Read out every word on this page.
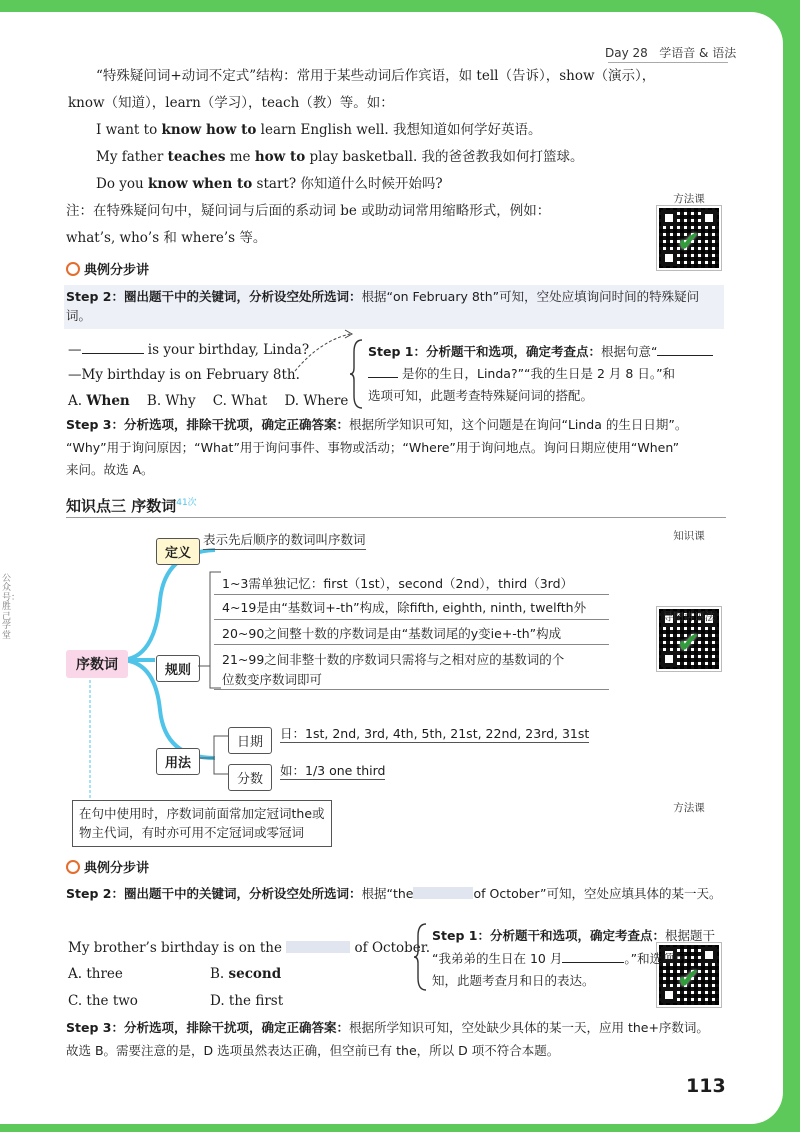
Day 28 学语音 & 语法
“特殊疑问词+动词不定式”结构：常用于某些动词后作宾语，如 tell（告诉），show（演示），
know（知道），learn（学习），teach（教）等。如：
I want to know how to learn English well. 我想知道如何学好英语。
My father teaches me how to play basketball. 我的爸爸教我如何打篮球。
Do you know when to start? 你知道什么时候开始吗?
注：在特殊疑问句中，疑问词与后面的系动词 be 或助动词常用缩略形式，例如：
what’s, who’s 和 where’s 等。
方法课
✔
典例分步讲
Step 2：圈出题干中的关键词，分析设空处所选词：根据“on February 8th”可知，空处应填询问时间的特殊疑问
词。
—	is your birthday, Linda?
—My birthday is on February 8th.
A. When B. Why C. What D. Where
Step 1：分析题干和选项，确定考查点：根据句意“
是你的生日，Linda?”“我的生日是 2 月 8 日。”和
选项可知，此题考查特殊疑问词的搭配。
Step 3：分析选项，排除干扰项，确定正确答案：根据所学知识可知，这个问题是在询问“Linda 的生日日期”。
“Why”用于询问原因；“What”用于询问事件、事物或活动；“Where”用于询问地点。询问日期应使用“When”
来问。故选 A。
知识点三 序数词$^{41次}$
知识课
✔
导图讲语法
序数词
定义
表示先后顺序的数词叫序数词
规则
1~3需单独记忆：first（1st），second（2nd），third（3rd）
4~19是由“基数词+-th”构成，除fifth, eighth, ninth, twelfth外
20~90之间整十数的序数词是由“基数词尾的y变ie+-th”构成
21~99之间非整十数的序数词只需将与之相对应的基数词的个
位数变序数词即可
用法
日期
日：1st, 2nd, 3rd, 4th, 5th, 21st, 22nd, 23rd, 31st
分数
如：1/3 one third
在句中使用时，序数词前面常加定冠词the或
物主代词，有时亦可用不定冠词或零冠词
方法课
✔
典例分步讲
Step 2：圈出题干中的关键词，分析设空处所选词：根据“the	of October”可知，空处应填具体的某一天。
My brother’s birthday is on the	of October.
A. three	B. second
C. the two	D. the first
Step 1：分析题干和选项，确定考查点：根据题干
“我弟弟的生日在 10 月	。”和选项可
知，此题考查月和日的表达。
Step 3：分析选项，排除干扰项，确定正确答案：根据所学知识可知，空处缺少具体的某一天，应用 the+序数词。
故选 B。需要注意的是，D 选项虽然表达正确，但空前已有 the，所以 D 项不符合本题。
公众号：胜己学堂
113
